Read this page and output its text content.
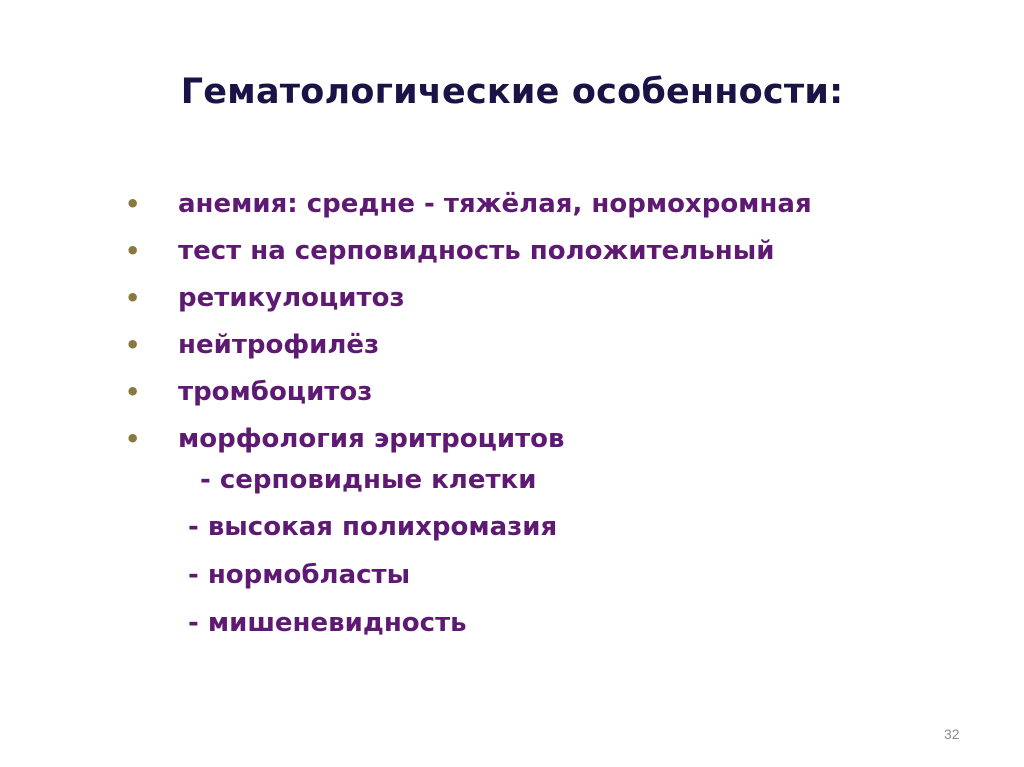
Гематологические особенности:
• анемия: средне - тяжёлая, нормохромная
• тест на серповидность положительный
• ретикулоцитоз
• нейтрофилёз
• тромбоцитоз
• морфология эритроцитов
- серповидные клетки
- высокая полихромазия
- нормобласты
- мишеневидность
32
